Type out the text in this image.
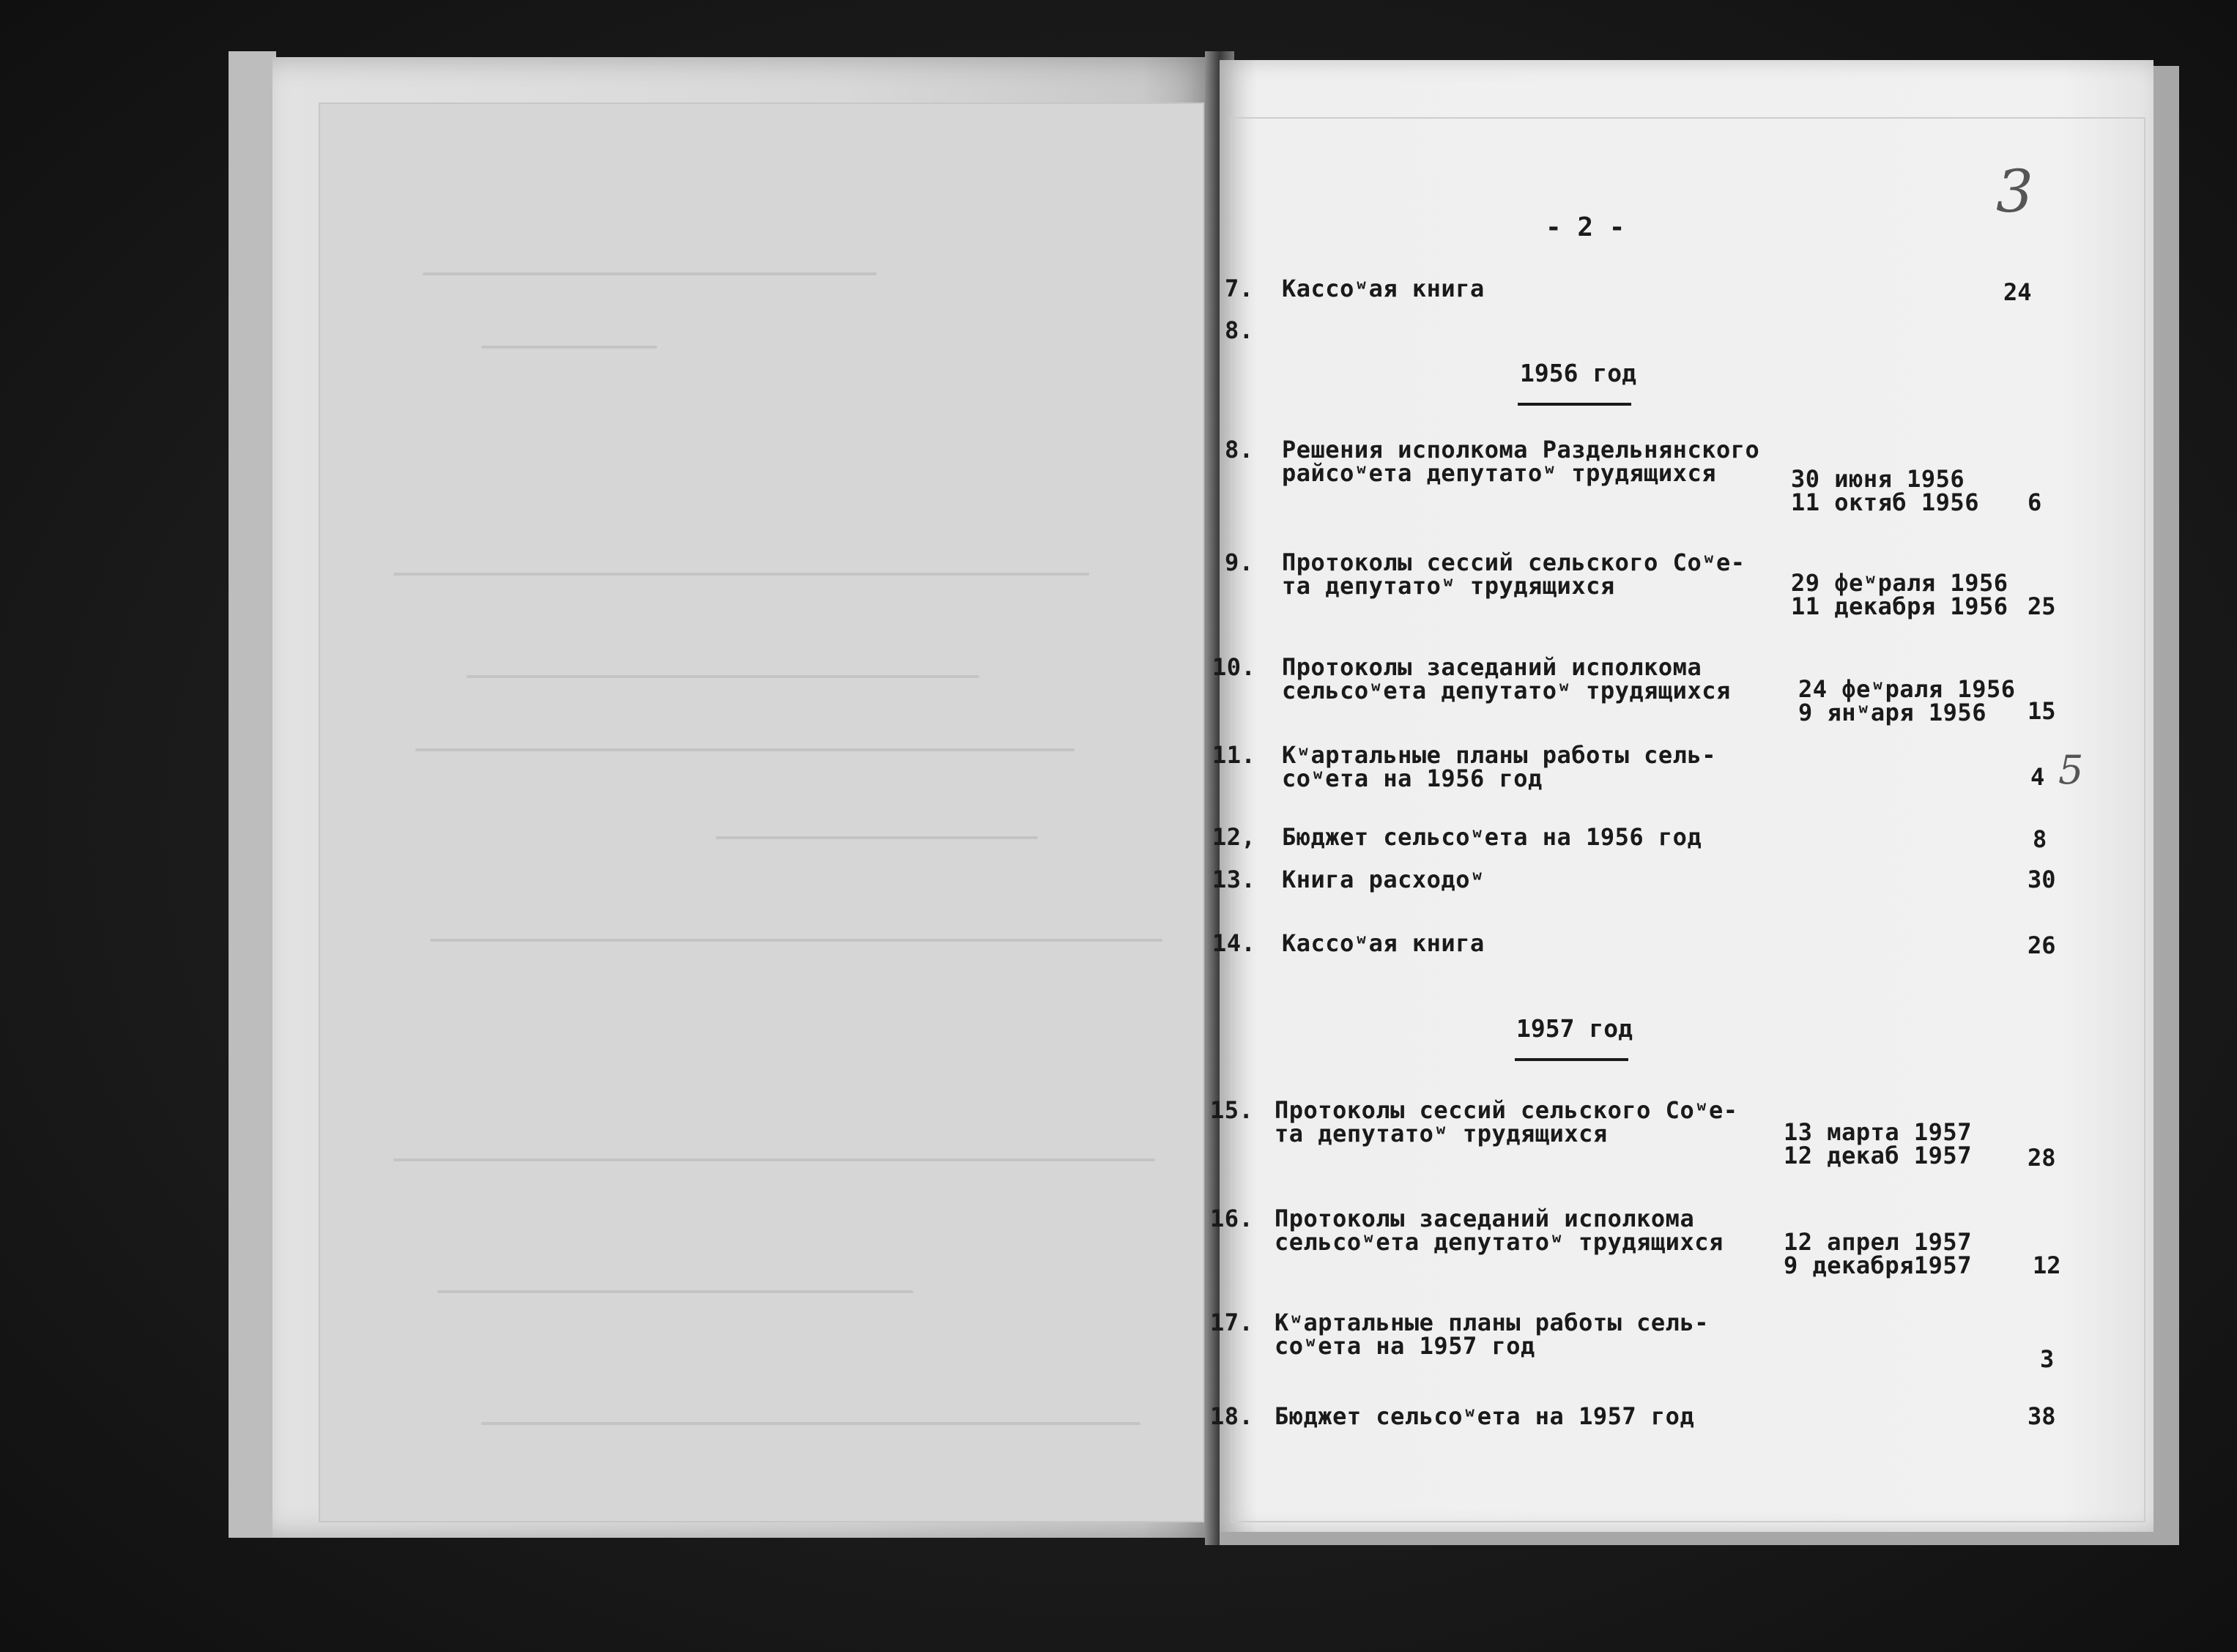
- 2 -
3
5
1956 год
1957 год
7. Кассоʷая книга	24
8.
8. Решения исполкома Раздельнянского
райсоʷета депутатоʷ трудящихся	30 июня 1956
11 октяб 1956 6
9. Протоколы сессий сельского Соʷе-
та депутатоʷ трудящихся	29 феʷраля 1956
11 декабря 1956 25
10. Протоколы заседаний исполкома
сельсоʷета депутатоʷ трудящихся	24 феʷраля 1956
9 янʷаря 1956	15
11. Кʷартальные планы работы сель-
соʷета на 1956 год	4
12, Бюджет сельсоʷета на 1956 год	8
13. Книга расходоʷ	30
14. Кассоʷая книга	26
15. Протоколы сессий сельского Соʷе-
та депутатоʷ трудящихся	13 марта 1957
12 декаб 1957 28
16. Протоколы заседаний исполкома
сельсоʷета депутатоʷ трудящихся	12 апрел 1957
9 декабря1957	12
17. Кʷартальные планы работы сель-
соʷета на 1957 год	3
18. Бюджет сельсоʷета на 1957 год	38
